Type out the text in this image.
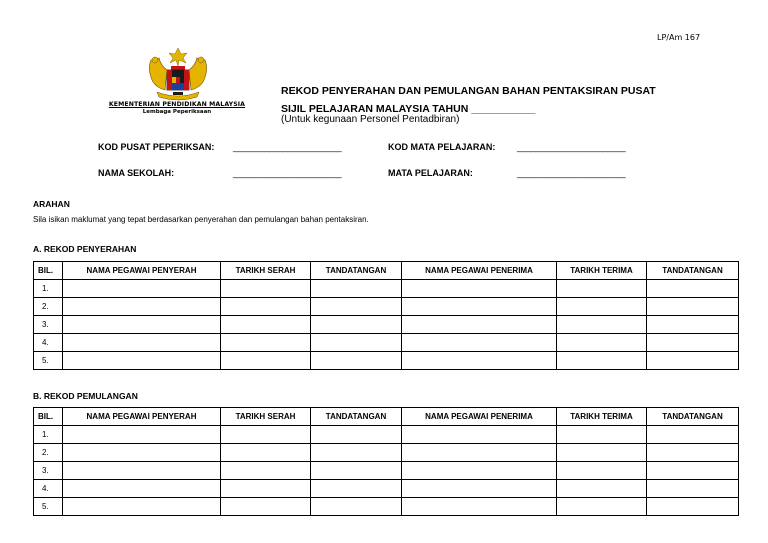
LP/Am 167
KEMENTERIAN PENDIDIKAN MALAYSIA
Lembaga Peperiksaan
REKOD PENYERAHAN DAN PEMULANGAN BAHAN PENTAKSIRAN PUSAT
SIJIL PELAJARAN MALAYSIA TAHUN ___________
(Untuk kegunaan Personel Pentadbiran)
KOD PUSAT PEPERIKSAN: ________________________	KOD MATA PELAJARAN: ________________________
NAMA SEKOLAH:	________________________	MATA PELAJARAN:	________________________
ARAHAN
Sila isikan maklumat yang tepat berdasarkan penyerahan dan pemulangan bahan pentaksiran.
A. REKOD PENYERAHAN
BIL.	NAMA PEGAWAI PENYERAH	TARIKH SERAH	TANDATANGAN	NAMA PEGAWAI PENERIMA	TARIKH TERIMA	TANDATANGAN
1.						
2.						
3.						
4.						
5.						
B. REKOD PEMULANGAN
BIL.	NAMA PEGAWAI PENYERAH	TARIKH SERAH	TANDATANGAN	NAMA PEGAWAI PENERIMA	TARIKH TERIMA	TANDATANGAN
1.						
2.						
3.						
4.						
5.						
